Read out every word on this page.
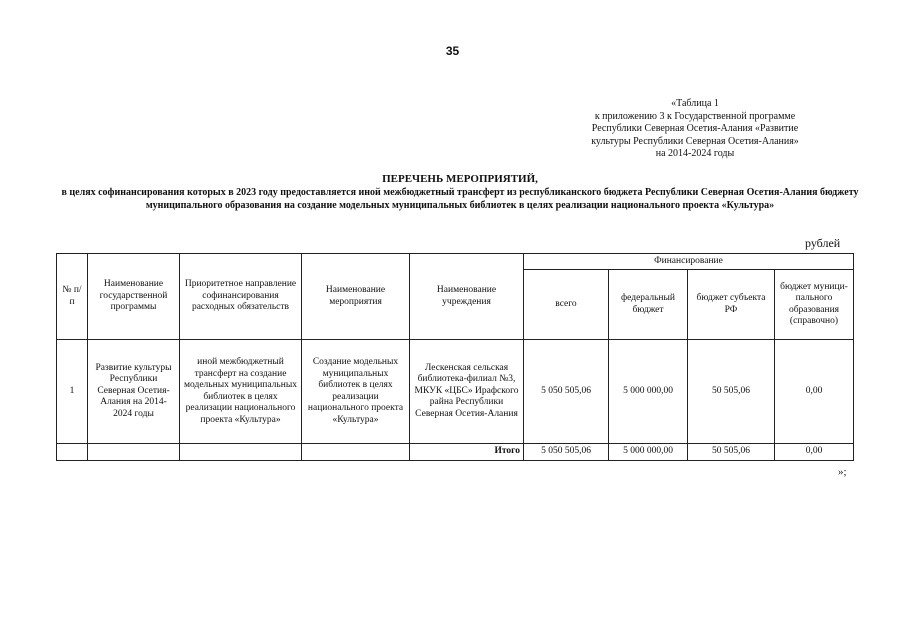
35
«Таблица 1
к приложению 3 к Государственной программе
Республики Северная Осетия-Алания «Развитие
культуры Республики Северная Осетия-Алания»
на 2014-2024 годы
ПЕРЕЧЕНЬ МЕРОПРИЯТИЙ,
в целях софинансирования которых в 2023 году предоставляется иной межбюджетный трансферт из республиканского бюджета Республики Северная Осетия-Алания бюджету муниципального образования на создание модельных муниципальных библиотек в целях реализации национального проекта «Культура»
рублей
№ п/п	Наименование государственной программы	Приоритетное направление софинансирования расходных обязательств	Наименование мероприятия	Наименование учреждения	Финансирование			
					всего	федеральный бюджет	бюджет субъекта РФ	бюджет муници-пального образования (справочно)
1	Развитие культуры Республики Северная Осетия-Алания на 2014-2024 годы	иной межбюджетный трансферт на создание модельных муниципальных библиотек в целях реализации национального проекта «Культура»	Создание модельных муниципальных библиотек в целях реализации национального проекта «Культура»	Лескенская сельская библиотека-филиал №3, МКУК «ЦБС» Ирафского райна Республики Северная Осетия-Алания	5 050 505,06	5 000 000,00	50 505,06	0,00
				Итого	5 050 505,06	5 000 000,00	50 505,06	0,00
»;
